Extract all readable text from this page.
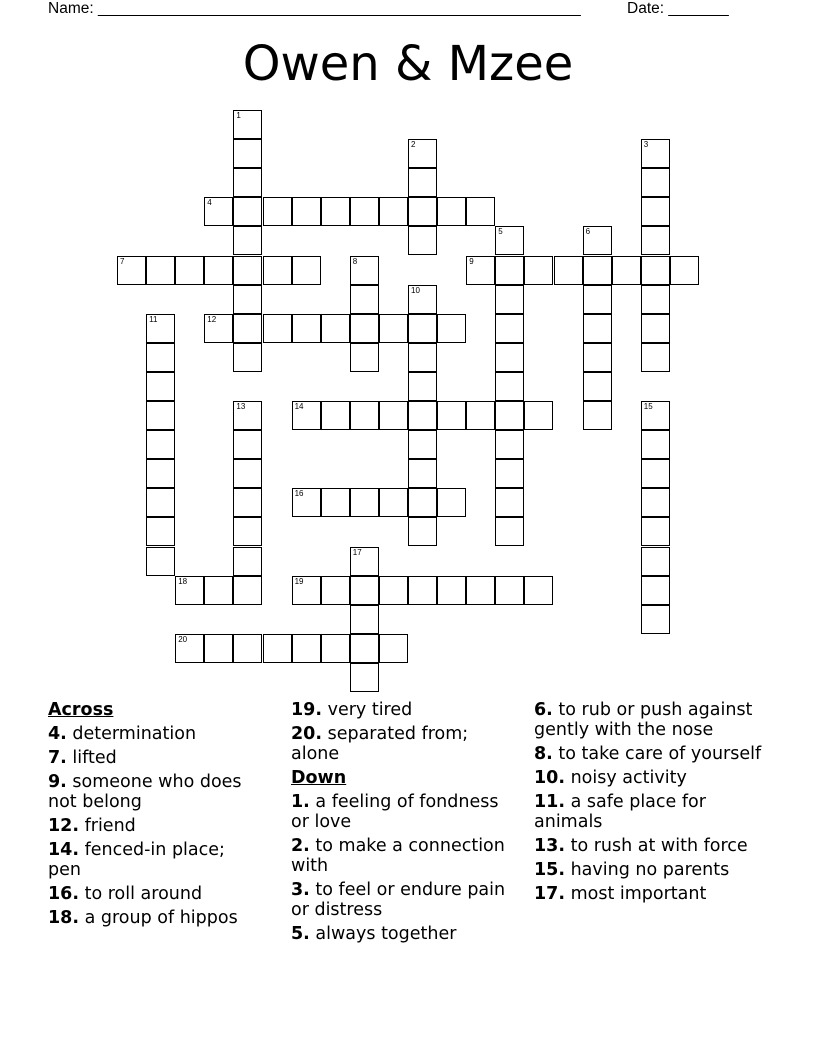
Name: ________________________________________________________	Date: _______
Owen & Mzee
1
2	3
4
5	6
7	8	9
10
11	12
13	14	15
16
17
18	19
20
Across
4. determination
7. lifted
9. someone who does not belong
12. friend
14. fenced-in place; pen
16. to roll around
18. a group of hippos
19. very tired
20. separated from; alone
Down
1. a feeling of fondness or love
2. to make a connection with
3. to feel or endure pain or distress
5. always together
6. to rub or push against gently with the nose
8. to take care of yourself
10. noisy activity
11. a safe place for animals
13. to rush at with force
15. having no parents
17. most important
